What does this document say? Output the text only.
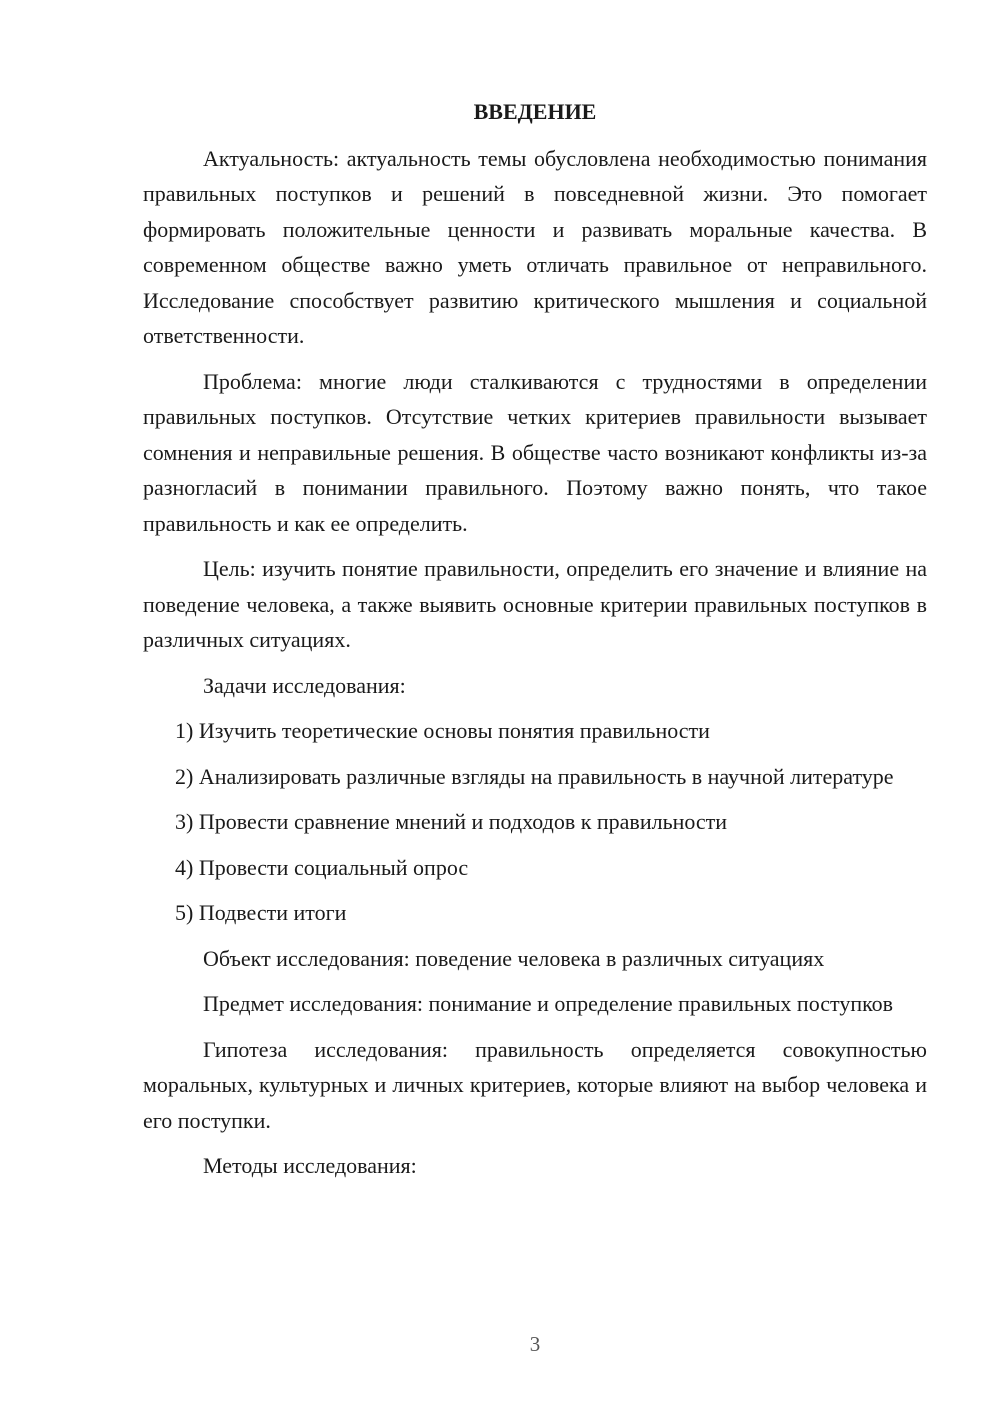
ВВЕДЕНИЕ
Актуальность: актуальность темы обусловлена необходимостью понимания правильных поступков и решений в повседневной жизни. Это помогает формировать положительные ценности и развивать моральные качества. В современном обществе важно уметь отличать правильное от неправильного. Исследование способствует развитию критического мышления и социальной ответственности.
Проблема: многие люди сталкиваются с трудностями в определении правильных поступков. Отсутствие четких критериев правильности вызывает сомнения и неправильные решения. В обществе часто возникают конфликты из-за разногласий в понимании правильного. Поэтому важно понять, что такое правильность и как ее определить.
Цель: изучить понятие правильности, определить его значение и влияние на поведение человека, а также выявить основные критерии правильных поступков в различных ситуациях.
Задачи исследования:
1) Изучить теоретические основы понятия правильности
2) Анализировать различные взгляды на правильность в научной литературе
3) Провести сравнение мнений и подходов к правильности
4) Провести социальный опрос
5) Подвести итоги
Объект исследования: поведение человека в различных ситуациях
Предмет исследования: понимание и определение правильных поступков
Гипотеза исследования: правильность определяется совокупностью моральных, культурных и личных критериев, которые влияют на выбор человека и его поступки.
Методы исследования:
3
